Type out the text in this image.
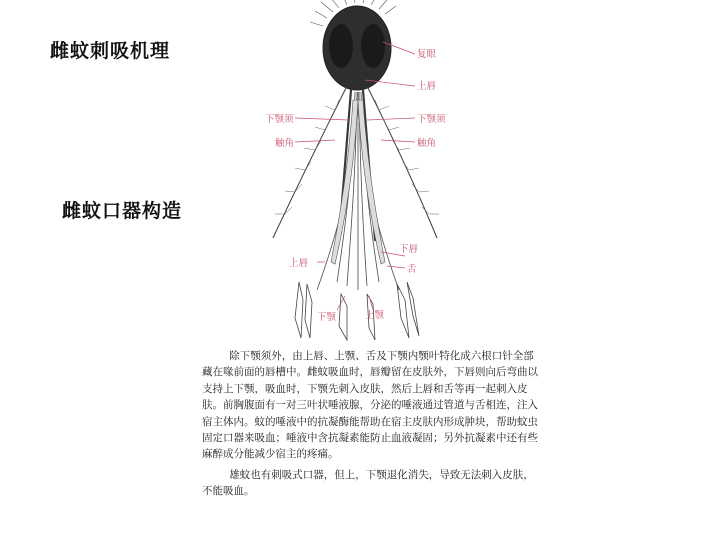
雌蚊刺吸机理
雌蚊口器构造
复眼
上唇
下颚须	下颚须
触角	触角
下唇
上唇
舌
下颚	上颚

除下颚须外，由上唇、上颚、舌及下颚内颚叶特化成六根口针全部藏在喙前面的唇槽中。雌蚊吸血时，唇瓣留在皮肤外，下唇则向后弯曲以支持上下颚，吸血时，下颚先刺入皮肤，然后上唇和舌等再一起刺入皮肤。前胸腹面有一对三叶状唾液腺，分泌的唾液通过管道与舌相连，注入宿主体内。蚊的唾液中的抗凝酶能帮助在宿主皮肤内形成肿块，帮助蚊虫固定口器来吸血；唾液中含抗凝素能防止血液凝固；另外抗凝素中还有些麻醉成分能减少宿主的疼痛。

雄蚊也有刺吸式口器，但上，下颚退化消失，导致无法刺入皮肤，不能吸血。
